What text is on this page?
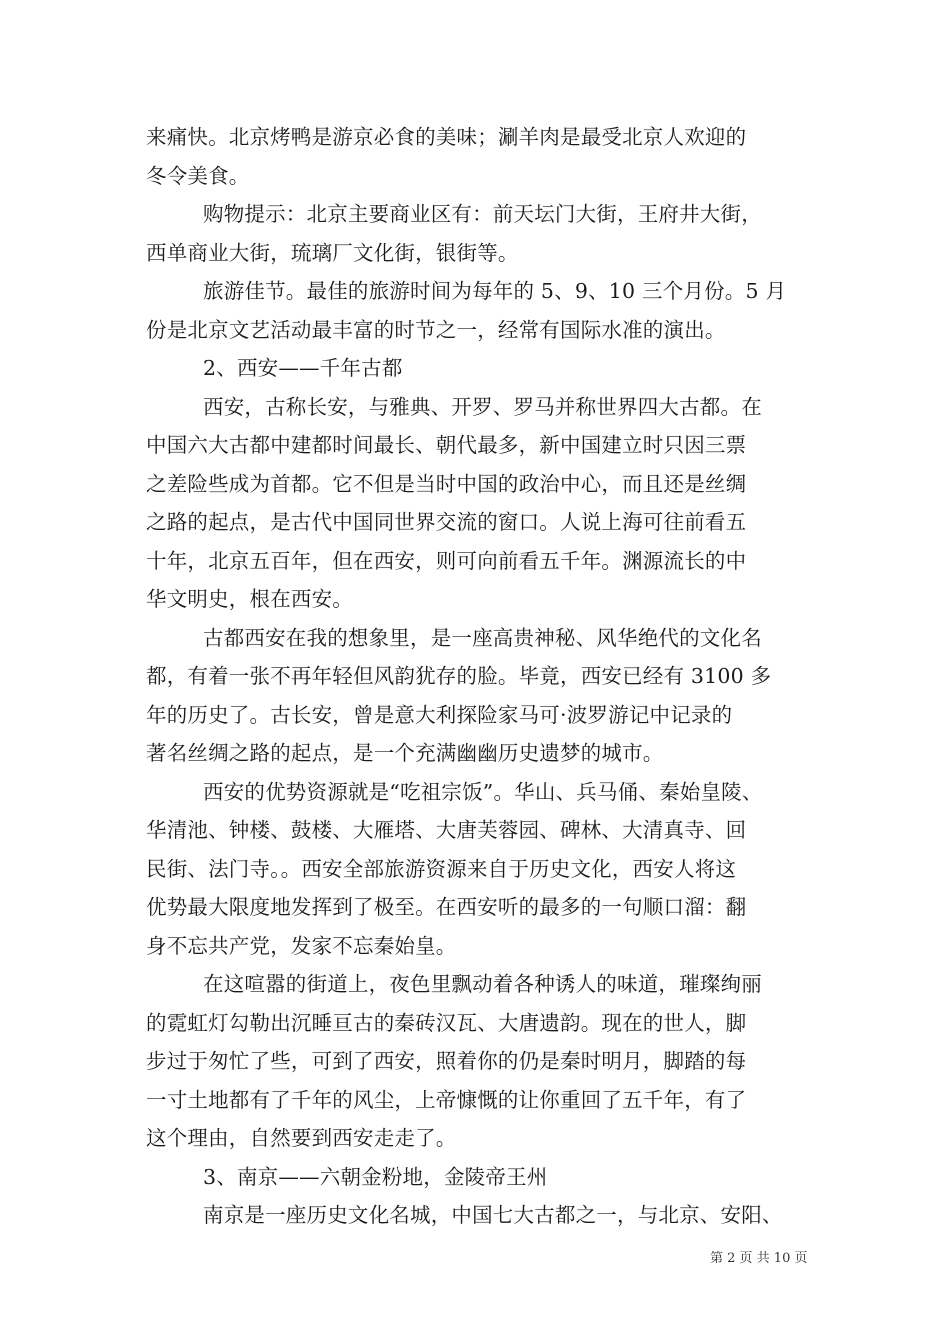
来痛快。北京烤鸭是游京必食的美味；涮羊肉是最受北京人欢迎的
冬令美食。
购物提示：北京主要商业区有：前天坛门大街，王府井大街，
西单商业大街，琉璃厂文化街，银街等。
旅游佳节。最佳的旅游时间为每年的 5、9、10 三个月份。5 月
份是北京文艺活动最丰富的时节之一，经常有国际水准的演出。
2、西安——千年古都
西安，古称长安，与雅典、开罗、罗马并称世界四大古都。在
中国六大古都中建都时间最长、朝代最多，新中国建立时只因三票
之差险些成为首都。它不但是当时中国的政治中心，而且还是丝绸
之路的起点，是古代中国同世界交流的窗口。人说上海可往前看五
十年，北京五百年，但在西安，则可向前看五千年。渊源流长的中
华文明史，根在西安。
古都西安在我的想象里，是一座高贵神秘、风华绝代的文化名
都，有着一张不再年轻但风韵犹存的脸。毕竟，西安已经有 3100 多
年的历史了。古长安，曾是意大利探险家马可·波罗游记中记录的
著名丝绸之路的起点，是一个充满幽幽历史遗梦的城市。
西安的优势资源就是“吃祖宗饭”。华山、兵马俑、秦始皇陵、
华清池、钟楼、鼓楼、大雁塔、大唐芙蓉园、碑林、大清真寺、回
民街、法门寺。。西安全部旅游资源来自于历史文化，西安人将这
优势最大限度地发挥到了极至。在西安听的最多的一句顺口溜：翻
身不忘共产党，发家不忘秦始皇。
在这喧嚣的街道上，夜色里飘动着各种诱人的味道，璀璨绚丽
的霓虹灯勾勒出沉睡亘古的秦砖汉瓦、大唐遗韵。现在的世人，脚
步过于匆忙了些，可到了西安，照着你的仍是秦时明月，脚踏的每
一寸土地都有了千年的风尘，上帝慷慨的让你重回了五千年，有了
这个理由，自然要到西安走走了。
3、南京——六朝金粉地，金陵帝王州
南京是一座历史文化名城，中国七大古都之一，与北京、安阳、
第 2 页 共 10 页
